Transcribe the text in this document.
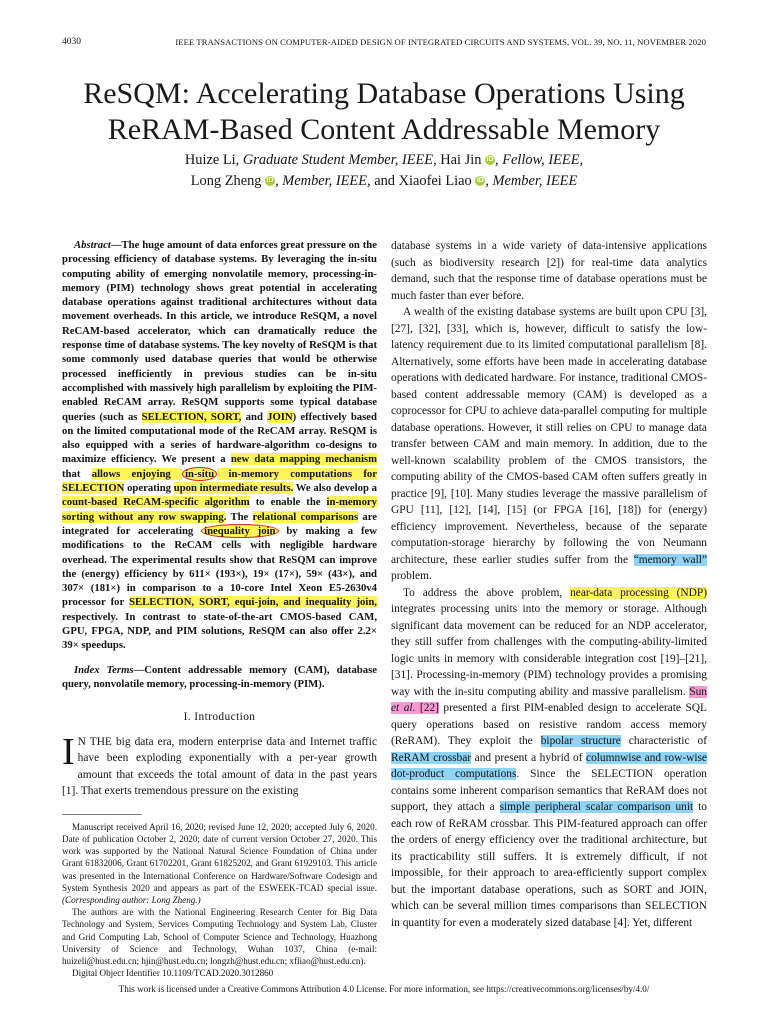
4030	IEEE TRANSACTIONS ON COMPUTER-AIDED DESIGN OF INTEGRATED CIRCUITS AND SYSTEMS, VOL. 39, NO. 11, NOVEMBER 2020
ReSQM: Accelerating Database Operations Using
ReRAM-Based Content Addressable Memory
Huize Li, Graduate Student Member, IEEE, Hai Jin iD , Fellow, IEEE,
Long Zheng iD , Member, IEEE, and Xiaofei Liao iD , Member, IEEE

Abstract—The huge amount of data enforces great pressure on the processing efficiency of database systems. By leveraging the in-situ computing ability of emerging nonvolatile memory, processing-in-memory (PIM) technology shows great potential in accelerating database operations against traditional architectures without data movement overheads. In this article, we introduce ReSQM, a novel ReCAM-based accelerator, which can dramatically reduce the response time of database systems. The key novelty of ReSQM is that some commonly used database queries that would be otherwise processed inefficiently in previous studies can be in-situ accomplished with massively high parallelism by exploiting the PIM-enabled ReCAM array. ReSQM supports some typical database queries (such as SELECTION, SORT, and JOIN) effectively based on the limited computational mode of the ReCAM array. ReSQM is also equipped with a series of hardware-algorithm co-designs to maximize efficiency. We present a new data mapping mechanism that allows enjoying in-situ in-memory computations for SELECTION operating upon intermediate results. We also develop a count-based ReCAM-specific algorithm to enable the in-memory sorting without any row swapping. The relational comparisons are integrated for accelerating inequality join by making a few modifications to the ReCAM cells with negligible hardware overhead. The experimental results show that ReSQM can improve the (energy) efficiency by 611× (193×), 19× (17×), 59× (43×), and 307× (181×) in comparison to a 10-core Intel Xeon E5-2630v4 processor for SELECTION, SORT, equi-join, and inequality join, respectively. In contrast to state-of-the-art CMOS-based CAM, GPU, FPGA, NDP, and PIM solutions, ReSQM can also offer 2.2× 39× speedups.

Index Terms—Content addressable memory (CAM), database query, nonvolatile memory, processing-in-memory (PIM).

I. Introduction

I N THE big data era, modern enterprise data and Internet traffic have been exploding exponentially with a per-year growth amount that exceeds the total amount of data in the past years [1]. That exerts tremendous pressure on the existing

Manuscript received April 16, 2020; revised June 12, 2020; accepted July 6, 2020. Date of publication October 2, 2020; date of current version October 27, 2020. This work was supported by the National Natural Science Foundation of China under Grant 61832006, Grant 61702201, Grant 61825202, and Grant 61929103. This article was presented in the International Conference on Hardware/Software Codesign and System Synthesis 2020 and appears as part of the ESWEEK-TCAD special issue. (Corresponding author: Long Zheng.)

The authors are with the National Engineering Research Center for Big Data Technology and System, Services Computing Technology and System Lab, Cluster and Grid Computing Lab, School of Computer Science and Technology, Huazhong University of Science and Technology, Wuhan 1037, China (e-mail: huizeli@hust.edu.cn; hjin@hust.edu.cn; longzh@hust.edu.cn; xfliao@hust.edu.cn).

Digital Object Identifier 10.1109/TCAD.2020.3012860

database systems in a wide variety of data-intensive applications (such as biodiversity research [2]) for real-time data analytics demand, such that the response time of database operations must be much faster than ever before.

A wealth of the existing database systems are built upon CPU [3], [27], [32], [33], which is, however, difficult to satisfy the low-latency requirement due to its limited computational parallelism [8]. Alternatively, some efforts have been made in accelerating database operations with dedicated hardware. For instance, traditional CMOS-based content addressable memory (CAM) is developed as a coprocessor for CPU to achieve data-parallel computing for multiple database operations. However, it still relies on CPU to manage data transfer between CAM and main memory. In addition, due to the well-known scalability problem of the CMOS transistors, the computing ability of the CMOS-based CAM often suffers greatly in practice [9], [10]. Many studies leverage the massive parallelism of GPU [11], [12], [14], [15] (or FPGA [16], [18]) for (energy) efficiency improvement. Nevertheless, because of the separate computation-storage hierarchy by following the von Neumann architecture, these earlier studies suffer from the “memory wall” problem.

To address the above problem, near-data processing (NDP) integrates processing units into the memory or storage. Although significant data movement can be reduced for an NDP accelerator, they still suffer from challenges with the computing-ability-limited logic units in memory with considerable integration cost [19]–[21], [31]. Processing-in-memory (PIM) technology provides a promising way with the in-situ computing ability and massive parallelism. Sun et al. [22] presented a first PIM-enabled design to accelerate SQL query operations based on resistive random access memory (ReRAM). They exploit the bipolar structure characteristic of ReRAM crossbar and present a hybrid of columnwise and row-wise dot-product computations. Since the SELECTION operation contains some inherent comparison semantics that ReRAM does not support, they attach a simple peripheral scalar comparison unit to each row of ReRAM crossbar. This PIM-featured approach can offer the orders of energy efficiency over the traditional architecture, but its practicability still suffers. It is extremely difficult, if not impossible, for their approach to area-efficiently support complex but the important database operations, such as SORT and JOIN, which can be several million times comparisons than SELECTION in quantity for even a moderately sized database [4]. Yet, different

This work is licensed under a Creative Commons Attribution 4.0 License. For more information, see https://creativecommons.org/licenses/by/4.0/
